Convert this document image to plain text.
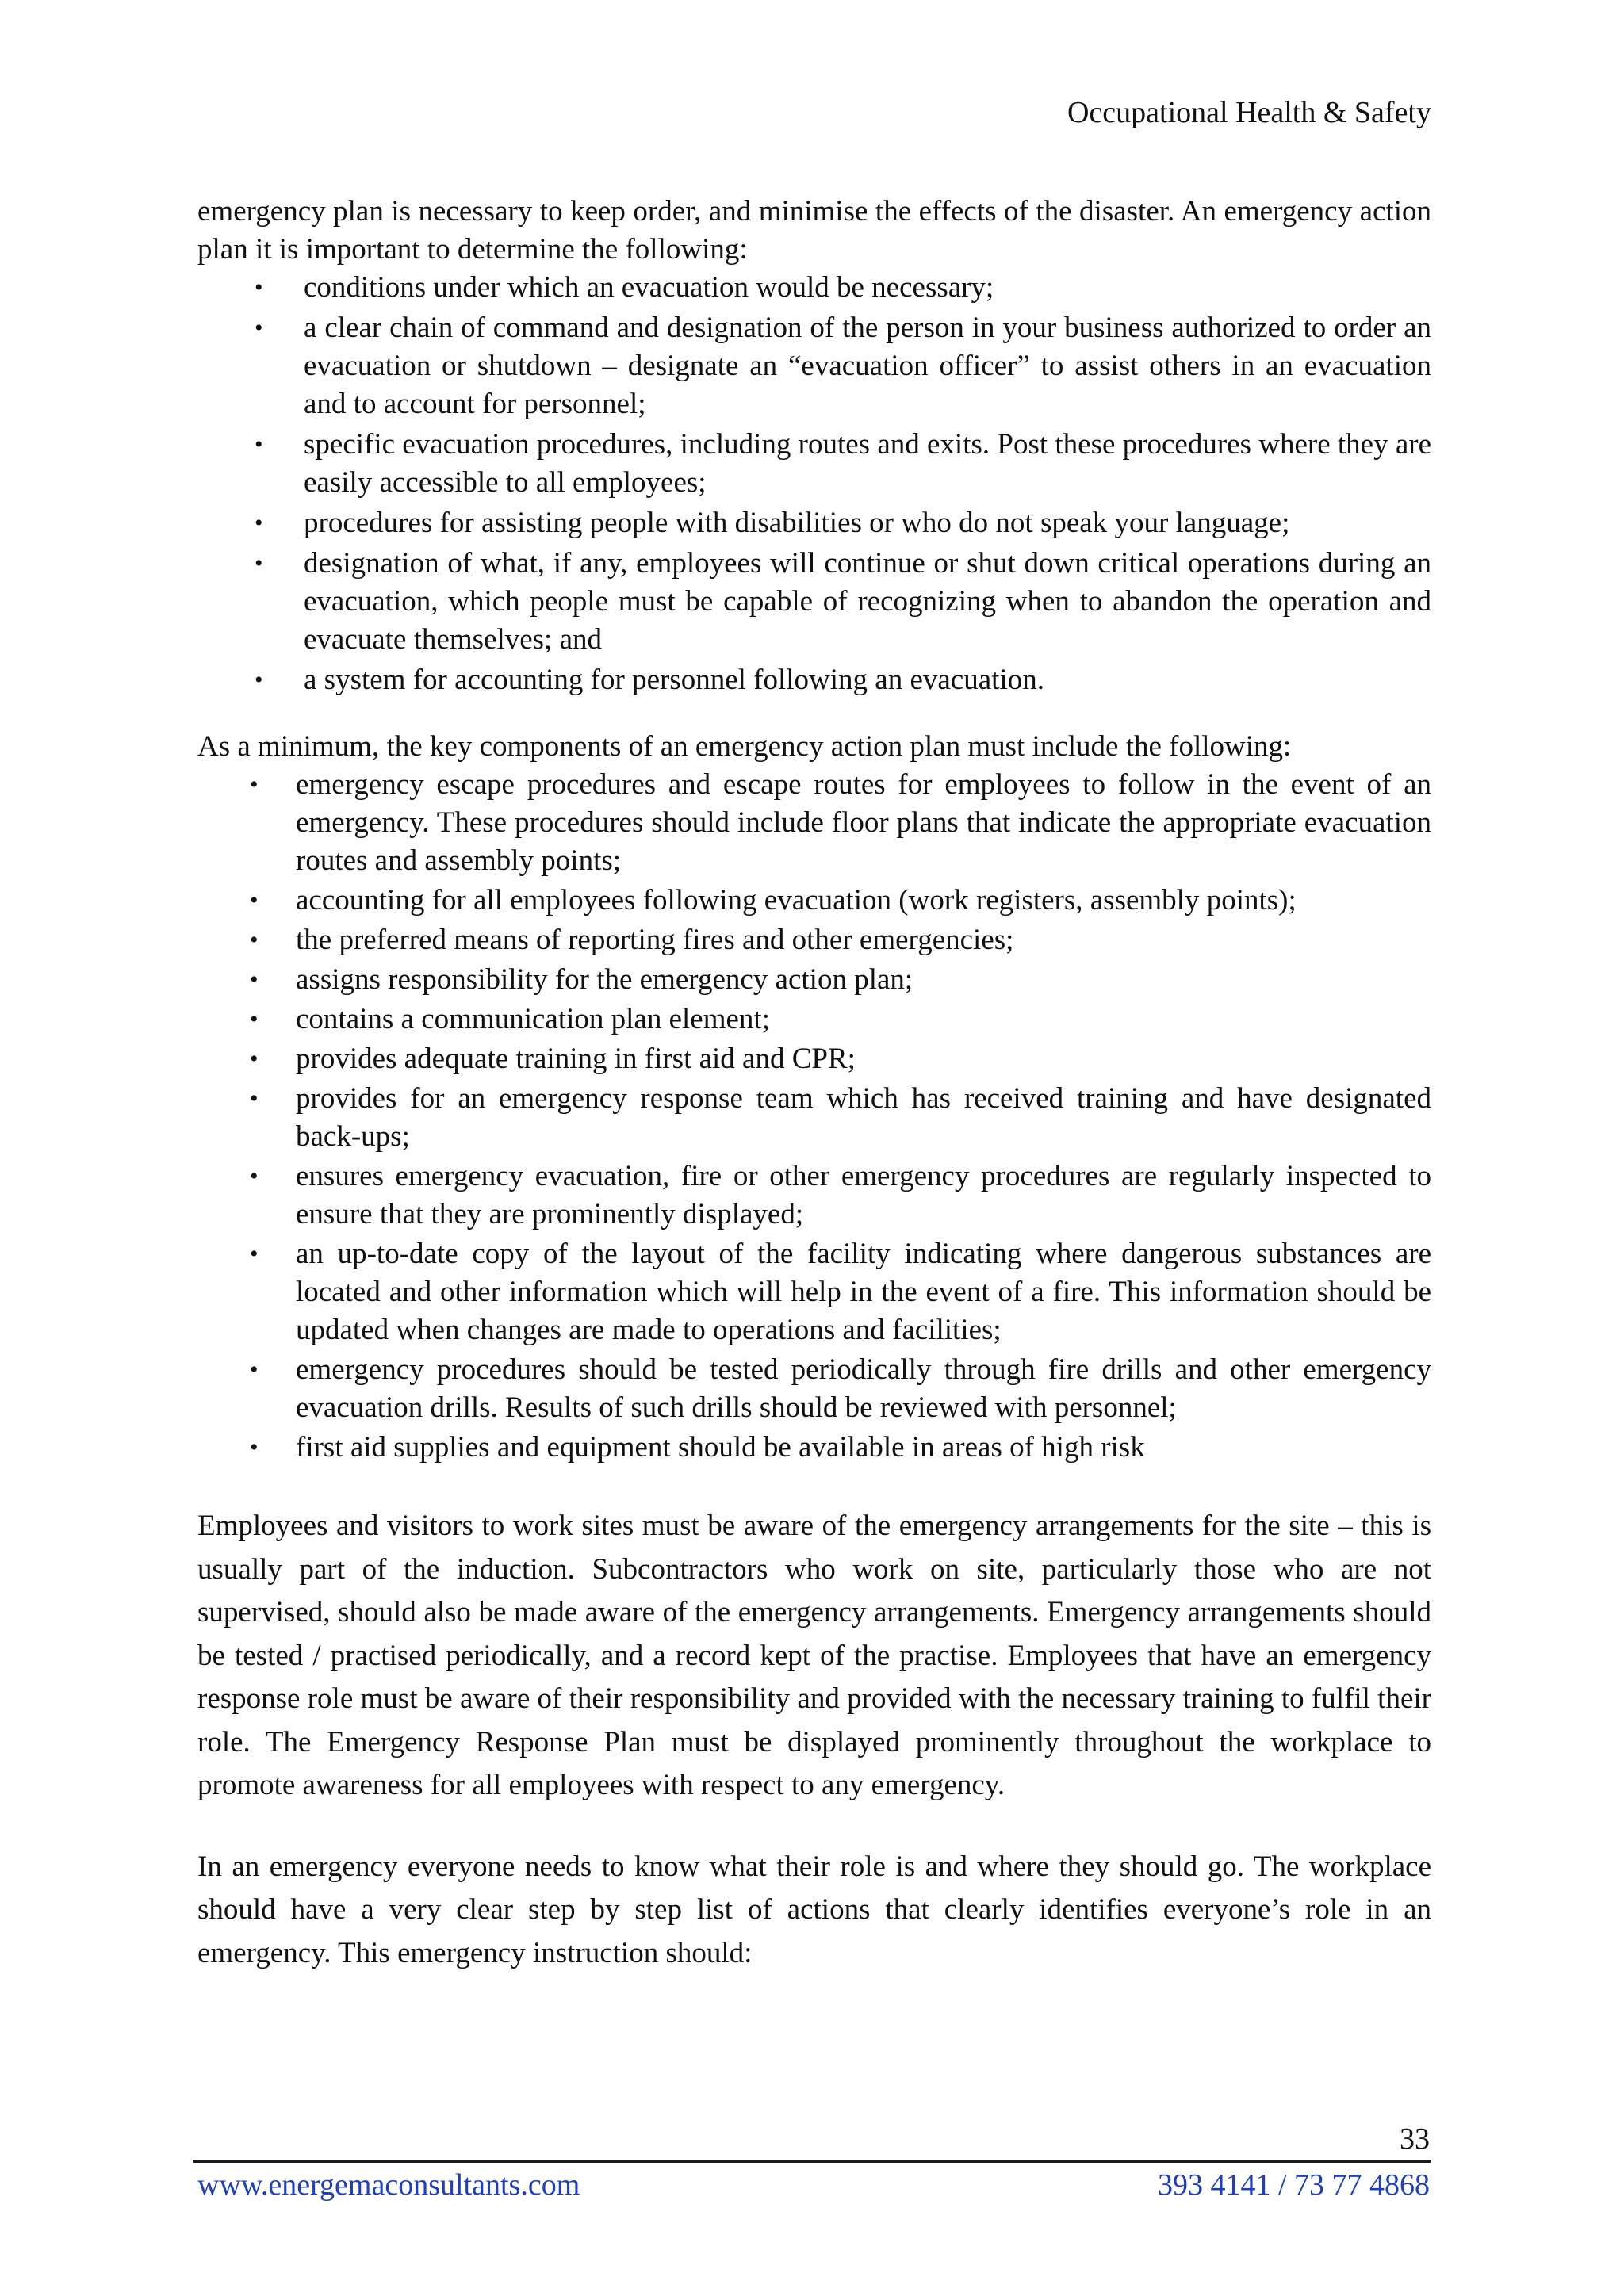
Occupational Health & Safety

emergency plan is necessary to keep order, and minimise the effects of the disaster. An emergency action plan it is important to determine the following:

• conditions under which an evacuation would be necessary;
• a clear chain of command and designation of the person in your business authorized to order an evacuation or shutdown – designate an “evacuation officer” to assist others in an evacuation and to account for personnel;
• specific evacuation procedures, including routes and exits. Post these procedures where they are easily accessible to all employees;
• procedures for assisting people with disabilities or who do not speak your language;
• designation of what, if any, employees will continue or shut down critical operations during an evacuation, which people must be capable of recognizing when to abandon the operation and evacuate themselves; and
• a system for accounting for personnel following an evacuation.

As a minimum, the key components of an emergency action plan must include the following:

• emergency escape procedures and escape routes for employees to follow in the event of an emergency. These procedures should include floor plans that indicate the appropriate evacuation routes and assembly points;
• accounting for all employees following evacuation (work registers, assembly points);
• the preferred means of reporting fires and other emergencies;
• assigns responsibility for the emergency action plan;
• contains a communication plan element;
• provides adequate training in first aid and CPR;
• provides for an emergency response team which has received training and have designated back-ups;
• ensures emergency evacuation, fire or other emergency procedures are regularly inspected to ensure that they are prominently displayed;
• an up-to-date copy of the layout of the facility indicating where dangerous substances are located and other information which will help in the event of a fire. This information should be updated when changes are made to operations and facilities;
• emergency procedures should be tested periodically through fire drills and other emergency evacuation drills. Results of such drills should be reviewed with personnel;
• first aid supplies and equipment should be available in areas of high risk

Employees and visitors to work sites must be aware of the emergency arrangements for the site – this is usually part of the induction. Subcontractors who work on site, particularly those who are not supervised, should also be made aware of the emergency arrangements. Emergency arrangements should be tested / practised periodically, and a record kept of the practise. Employees that have an emergency response role must be aware of their responsibility and provided with the necessary training to fulfil their role. The Emergency Response Plan must be displayed prominently throughout the workplace to promote awareness for all employees with respect to any emergency.

In an emergency everyone needs to know what their role is and where they should go. The workplace should have a very clear step by step list of actions that clearly identifies everyone’s role in an emergency. This emergency instruction should:

33
www.energemaconsultants.com	393 4141 / 73 77 4868
